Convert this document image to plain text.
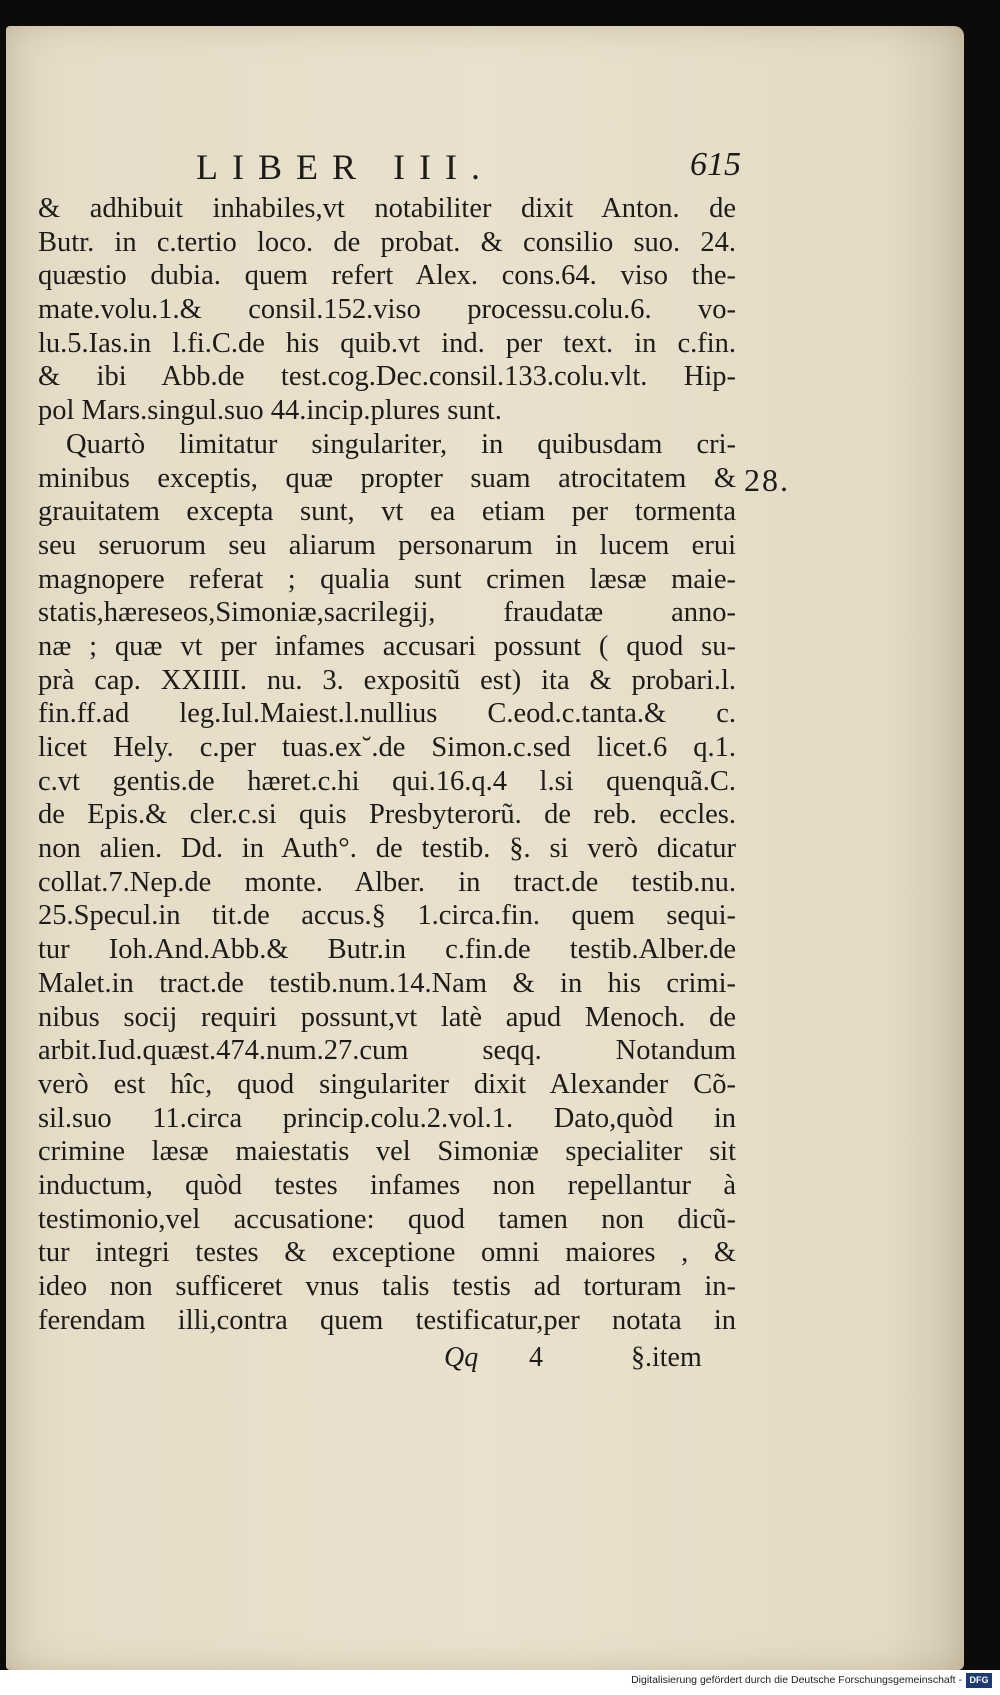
LIBER III.	615
& adhibuit inhabiles,vt notabiliter dixit Anton. de
Butr. in c.tertio loco. de probat. & consilio suo. 24.
quæstio dubia. quem refert Alex. cons.64. viso the-
mate.volu.1.& consil.152.viso processu.colu.6. vo-
lu.5.Ias.in l.fi.C.de his quib.vt ind. per text. in c.fin.
& ibi Abb.de test.cog.Dec.consil.133.colu.vlt. Hip-
pol Mars.singul.suo 44.incip.plures sunt.
Quartò limitatur singulariter, in quibusdam cri-
minibus exceptis, quæ propter suam atrocitatem &
grauitatem excepta sunt, vt ea etiam per tormenta
seu seruorum seu aliarum personarum in lucem erui
magnopere referat ; qualia sunt crimen læsæ maie-
statis,hæreseos,Simoniæ,sacrilegij, fraudatæ anno-
næ ; quæ vt per infames accusari possunt ( quod su-
prà cap. XXIIII. nu. 3. expositũ est) ita & probari.l.
fin.ff.ad leg.Iul.Maiest.l.nullius C.eod.c.tanta.& c.
licet Hely. c.per tuas.ex˘.de Simon.c.sed licet.6 q.1.
c.vt gentis.de hæret.c.hi qui.16.q.4 l.si quenquã.C.
de Epis.& cler.c.si quis Presbyterorũ. de reb. eccles.
non alien. Dd. in Auth°. de testib. §. si verò dicatur
collat.7.Nep.de monte. Alber. in tract.de testib.nu.
25.Specul.in tit.de accus.§ 1.circa.fin. quem sequi-
tur Ioh.And.Abb.& Butr.in c.fin.de testib.Alber.de
Malet.in tract.de testib.num.14.Nam & in his crimi-
nibus socij requiri possunt,vt latè apud Menoch. de
arbit.Iud.quæst.474.num.27.cum seqq. Notandum
verò est hîc, quod singulariter dixit Alexander Cõ-
sil.suo 11.circa princip.colu.2.vol.1. Dato,quòd in
crimine læsæ maiestatis vel Simoniæ specialiter sit
inductum, quòd testes infames non repellantur à
testimonio,vel accusatione: quod tamen non dicũ-
tur integri testes & exceptione omni maiores , &
ideo non sufficeret vnus talis testis ad torturam in-
ferendam illi,contra quem testificatur,per notata in
28.
Qq 4	§.item
Digitalisierung gefördert durch die Deutsche Forschungsgemeinschaft - DFG
